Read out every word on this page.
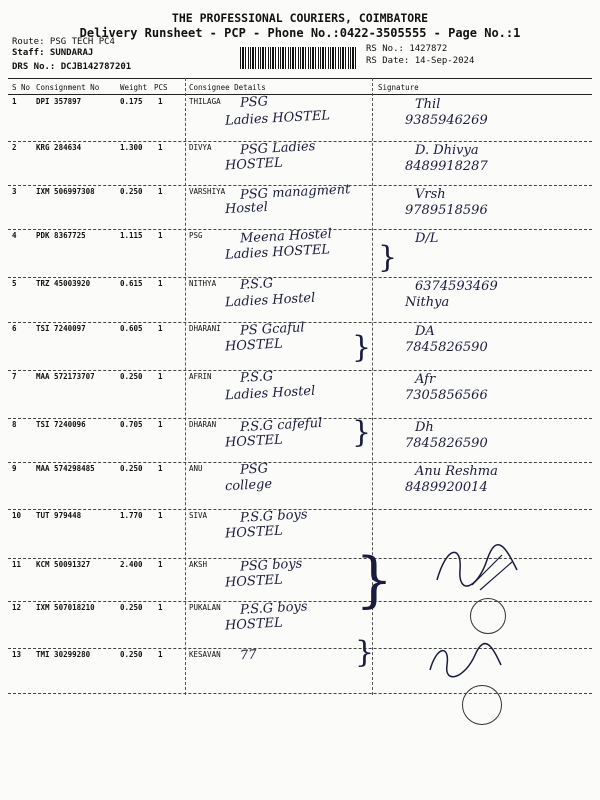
THE PROFESSIONAL COURIERS, COIMBATORE
Delivery Runsheet - PCP - Phone No.:0422-3505555 - Page No.:1
Route: PSG TECH PC4
Staff: SUNDARAJ
DRS No.: DCJB142787201
RS No.: 1427872
RS Date: 14-Sep-2024
S No Consignment No	Weight PCS	Consignee Details	Signature
1	DPI 357897	0.175 1	THILAGA PSG
Ladies HOSTEL
Thil
9385946269
2	KRG 284634	1.300 1	DIVYA PSG Ladies
HOSTEL
D. Dhivya
8489918287
3	IXM 506997308	0.250 1	VARSHIYA PSG managment
Hostel
Vrsh
9789518596
4	PDK 8367725	1.115 1	PSG	Meena Hostel
Ladies HOSTEL
D/L
5	TRZ 45003920	0.615 1	NITHYA P.S.G
Ladies Hostel
6374593469
Nithya
6	TSI 7240097	0.605 1	DHARANI PS Gcaful
HOSTEL
DA
7845826590
7	MAA 572173707	0.250 1	AFRIN P.S.G
Ladies Hostel
Afr
7305856566
8	TSI 7240096	0.705 1	DHARAN P.S.G cafeful
HOSTEL
Dh
7845826590
9	MAA 574298485	0.250 1	ANU	PSG
college
Anu Reshma
8489920014
10 TUT 979448	1.770 1	SIVA	P.S.G boys
HOSTEL
11 KCM 50091327	2.400 1	AKSH	PSG boys
HOSTEL
12 IXM 507018210	0.250 1	PUKALAN P.S.G boys
HOSTEL
13 TMI 30299280	0.250 1	KESAVAN 77
}
}
}
}
}
